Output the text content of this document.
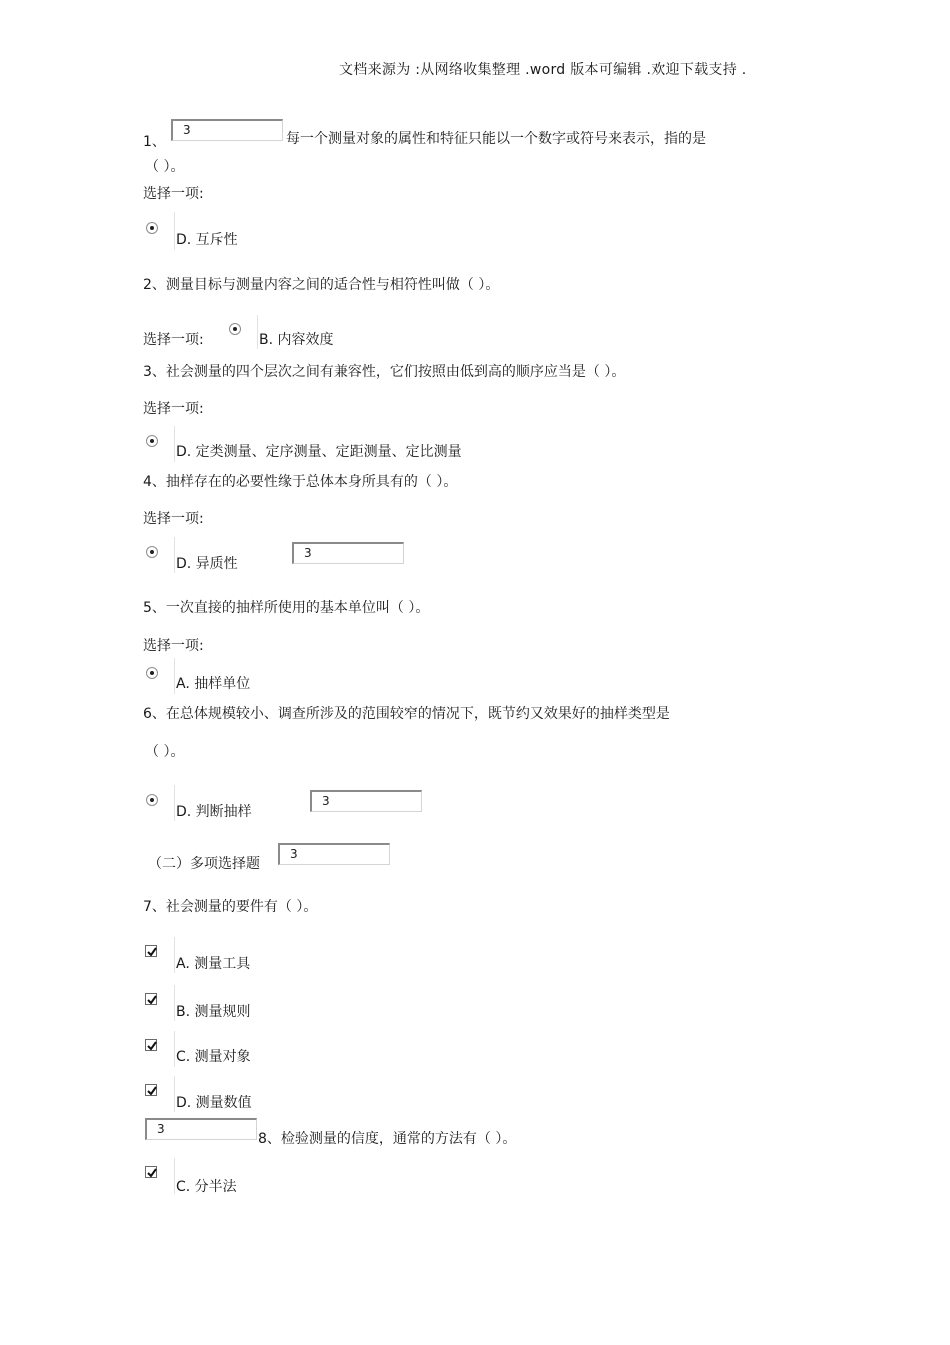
文档来源为 :从网络收集整理 .word 版本可编辑 .欢迎下载支持 .
1、
3
每一个测量对象的属性和特征只能以一个数字或符号来表示，指的是
（ ）。
选择一项:
D. 互斥性
2、测量目标与测量内容之间的适合性与相符性叫做（ ）。
选择一项:	B. 内容效度
3、社会测量的四个层次之间有兼容性，它们按照由低到高的顺序应当是（ ）。
选择一项:
D. 定类测量、定序测量、定距测量、定比测量
4、抽样存在的必要性缘于总体本身所具有的（ ）。
选择一项:
D. 异质性
3
5、一次直接的抽样所使用的基本单位叫（ ）。
选择一项:
A. 抽样单位
6、在总体规模较小、调查所涉及的范围较窄的情况下，既节约又效果好的抽样类型是
（ ）。
D. 判断抽样
3
（二）多项选择题
3
7、社会测量的要件有（ ）。
A. 测量工具
B. 测量规则
C. 测量对象
D. 测量数值
3
8、检验测量的信度，通常的方法有（ ）。
C. 分半法
